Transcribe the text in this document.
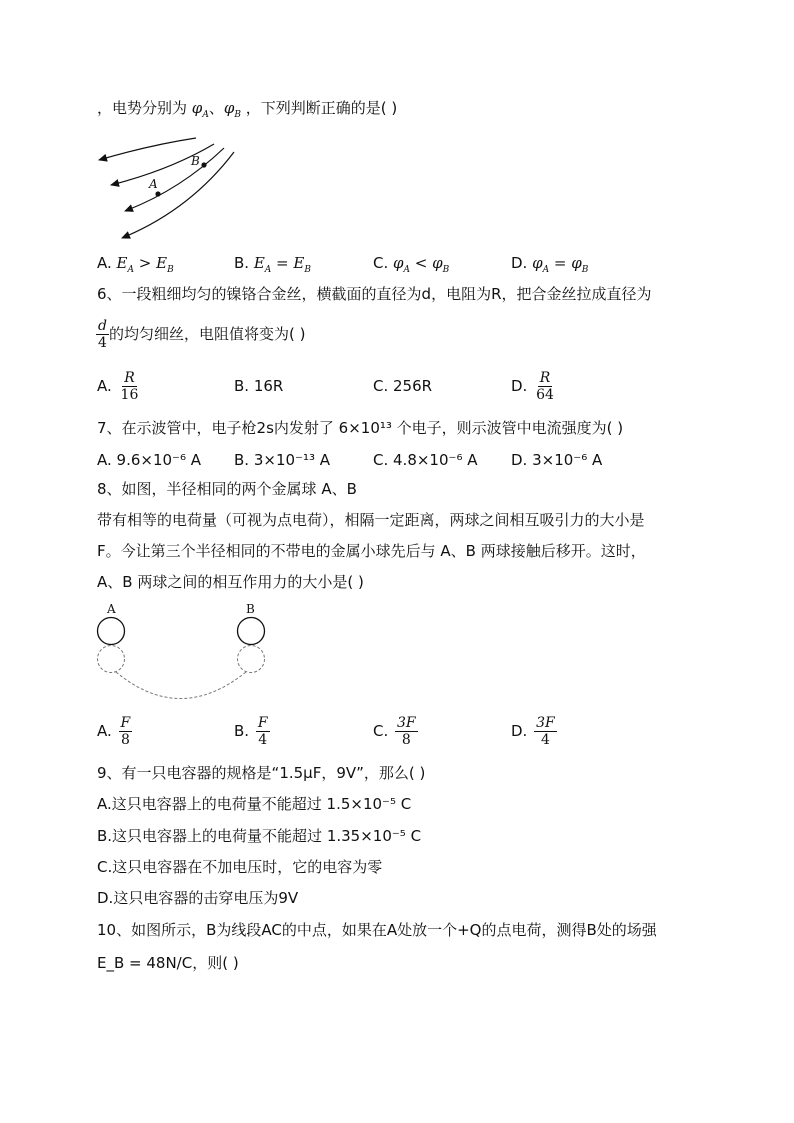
，电势分别为 $\varphi_A$、$\varphi_B$ ，下列判断正确的是( )
B
A
A. $E_A > E_B$	B. $E_A = E_B$	C. $\varphi_A < \varphi_B$	D. $\varphi_A = \varphi_B$
6、一段粗细均匀的镍铬合金丝，横截面的直径为d，电阻为R，把合金丝拉成直径为
$\frac{d}{4}$ 的均匀细丝，电阻值将变为( )
A. $\frac{R}{16}$	B. 16R	C. 256R	D. $\frac{R}{64}$
7、在示波管中，电子枪2s内发射了 6×10¹³ 个电子，则示波管中电流强度为( )
A. 9.6×10⁻⁶ A B. 3×10⁻¹³ A	C. 4.8×10⁻⁶ A D. 3×10⁻⁶ A
8、如图，半径相同的两个金属球 A、B
带有相等的电荷量（可视为点电荷），相隔一定距离，两球之间相互吸引力的大小是
F。今让第三个半径相同的不带电的金属小球先后与 A、B 两球接触后移开。这时，
A、B 两球之间的相互作用力的大小是( )
A	B
A. $\frac{F}{8}$	B. $\frac{F}{4}$	C. $\frac{3F}{8}$	D. $\frac{3F}{4}$
9、有一只电容器的规格是“1.5μF，9V”，那么( )
A.这只电容器上的电荷量不能超过 1.5×10⁻⁵ C
B.这只电容器上的电荷量不能超过 1.35×10⁻⁵ C
C.这只电容器在不加电压时，它的电容为零
D.这只电容器的击穿电压为9V
10、如图所示，B为线段AC的中点，如果在A处放一个+Q的点电荷，测得B处的场强
E_B = 48N/C，则( )
